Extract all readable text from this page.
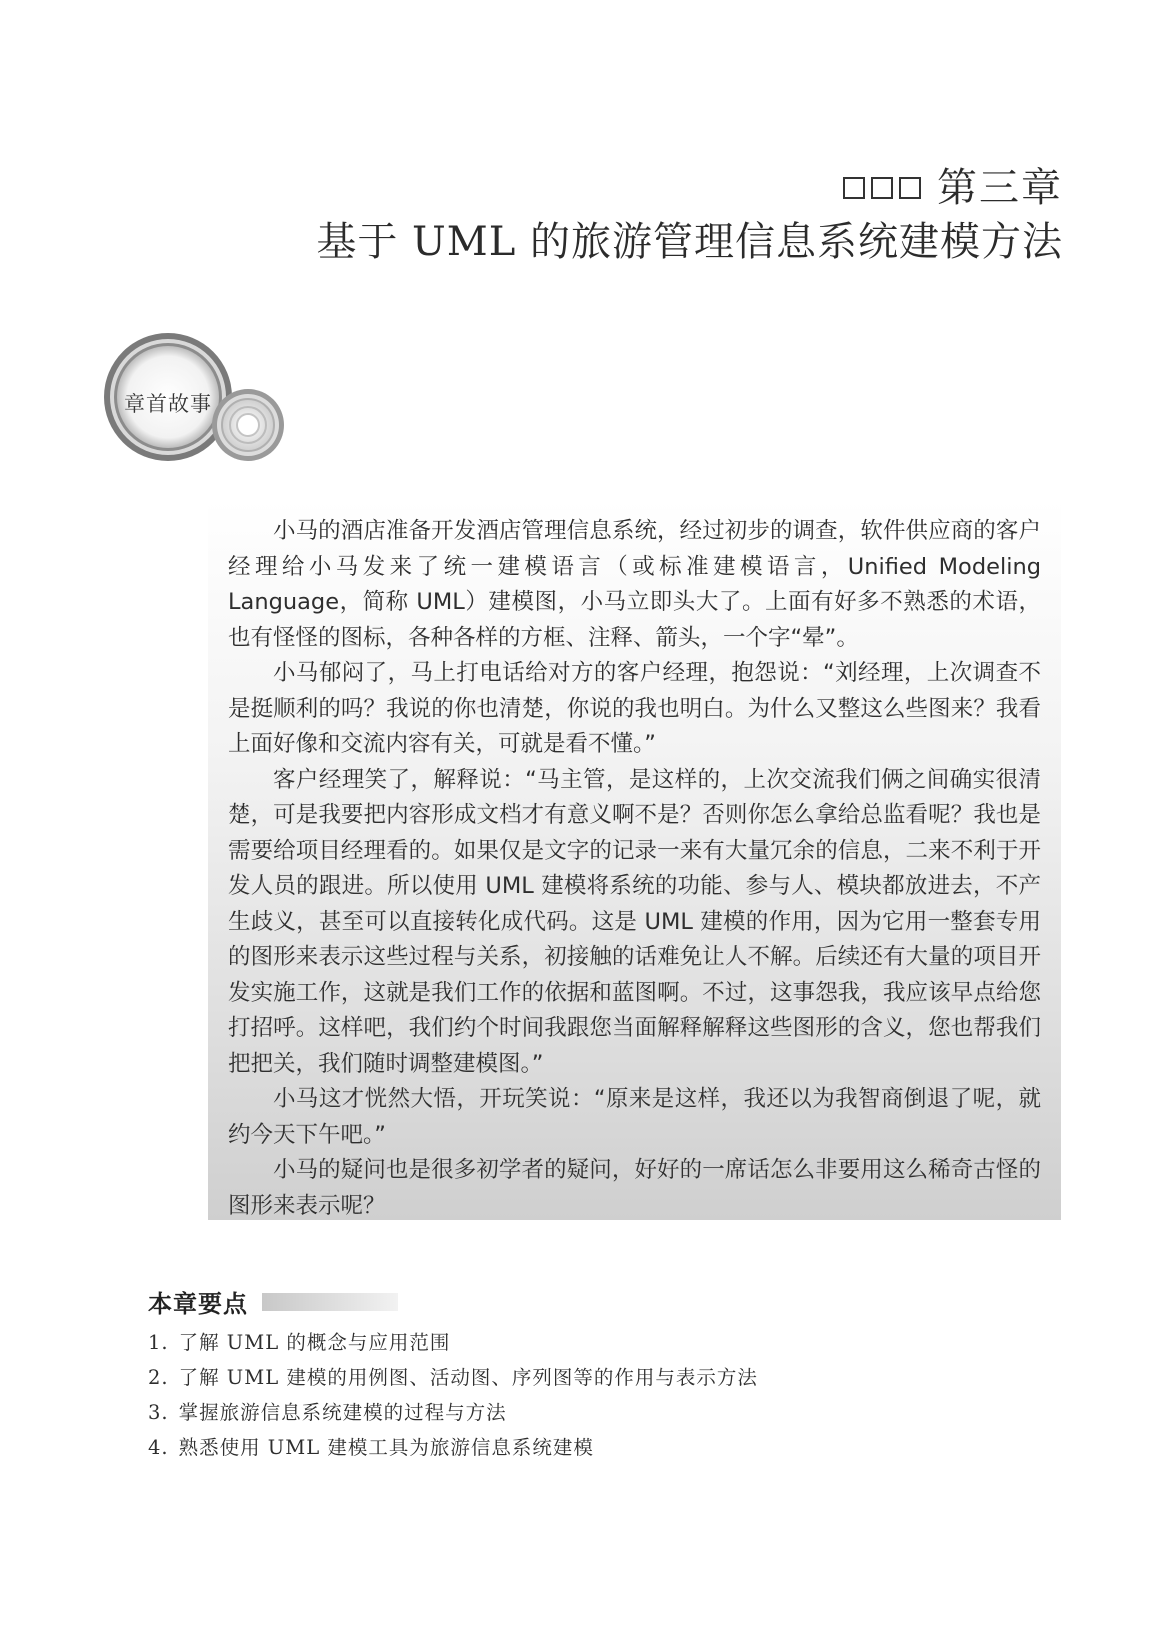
第三章
基于 UML 的旅游管理信息系统建模方法
章首故事

小马的酒店准备开发酒店管理信息系统，经过初步的调查，软件供应商的客户经理给小马发来了统一建模语言（或标准建模语言，Unified Modeling Language，简称 UML）建模图，小马立即头大了。上面有好多不熟悉的术语，也有怪怪的图标，各种各样的方框、注释、箭头，一个字“晕”。

小马郁闷了，马上打电话给对方的客户经理，抱怨说：“刘经理，上次调查不是挺顺利的吗？我说的你也清楚，你说的我也明白。为什么又整这么些图来？我看上面好像和交流内容有关，可就是看不懂。”

客户经理笑了，解释说：“马主管，是这样的，上次交流我们俩之间确实很清楚，可是我要把内容形成文档才有意义啊不是？否则你怎么拿给总监看呢？我也是需要给项目经理看的。如果仅是文字的记录一来有大量冗余的信息，二来不利于开发人员的跟进。所以使用 UML 建模将系统的功能、参与人、模块都放进去，不产生歧义，甚至可以直接转化成代码。这是 UML 建模的作用，因为它用一整套专用的图形来表示这些过程与关系，初接触的话难免让人不解。后续还有大量的项目开发实施工作，这就是我们工作的依据和蓝图啊。不过，这事怨我，我应该早点给您打招呼。这样吧，我们约个时间我跟您当面解释解释这些图形的含义，您也帮我们把把关，我们随时调整建模图。”

小马这才恍然大悟，开玩笑说：“原来是这样，我还以为我智商倒退了呢，就约今天下午吧。”

小马的疑问也是很多初学者的疑问，好好的一席话怎么非要用这么稀奇古怪的图形来表示呢？

本章要点
1. 了解 UML 的概念与应用范围
2. 了解 UML 建模的用例图、活动图、序列图等的作用与表示方法
3. 掌握旅游信息系统建模的过程与方法
4. 熟悉使用 UML 建模工具为旅游信息系统建模
